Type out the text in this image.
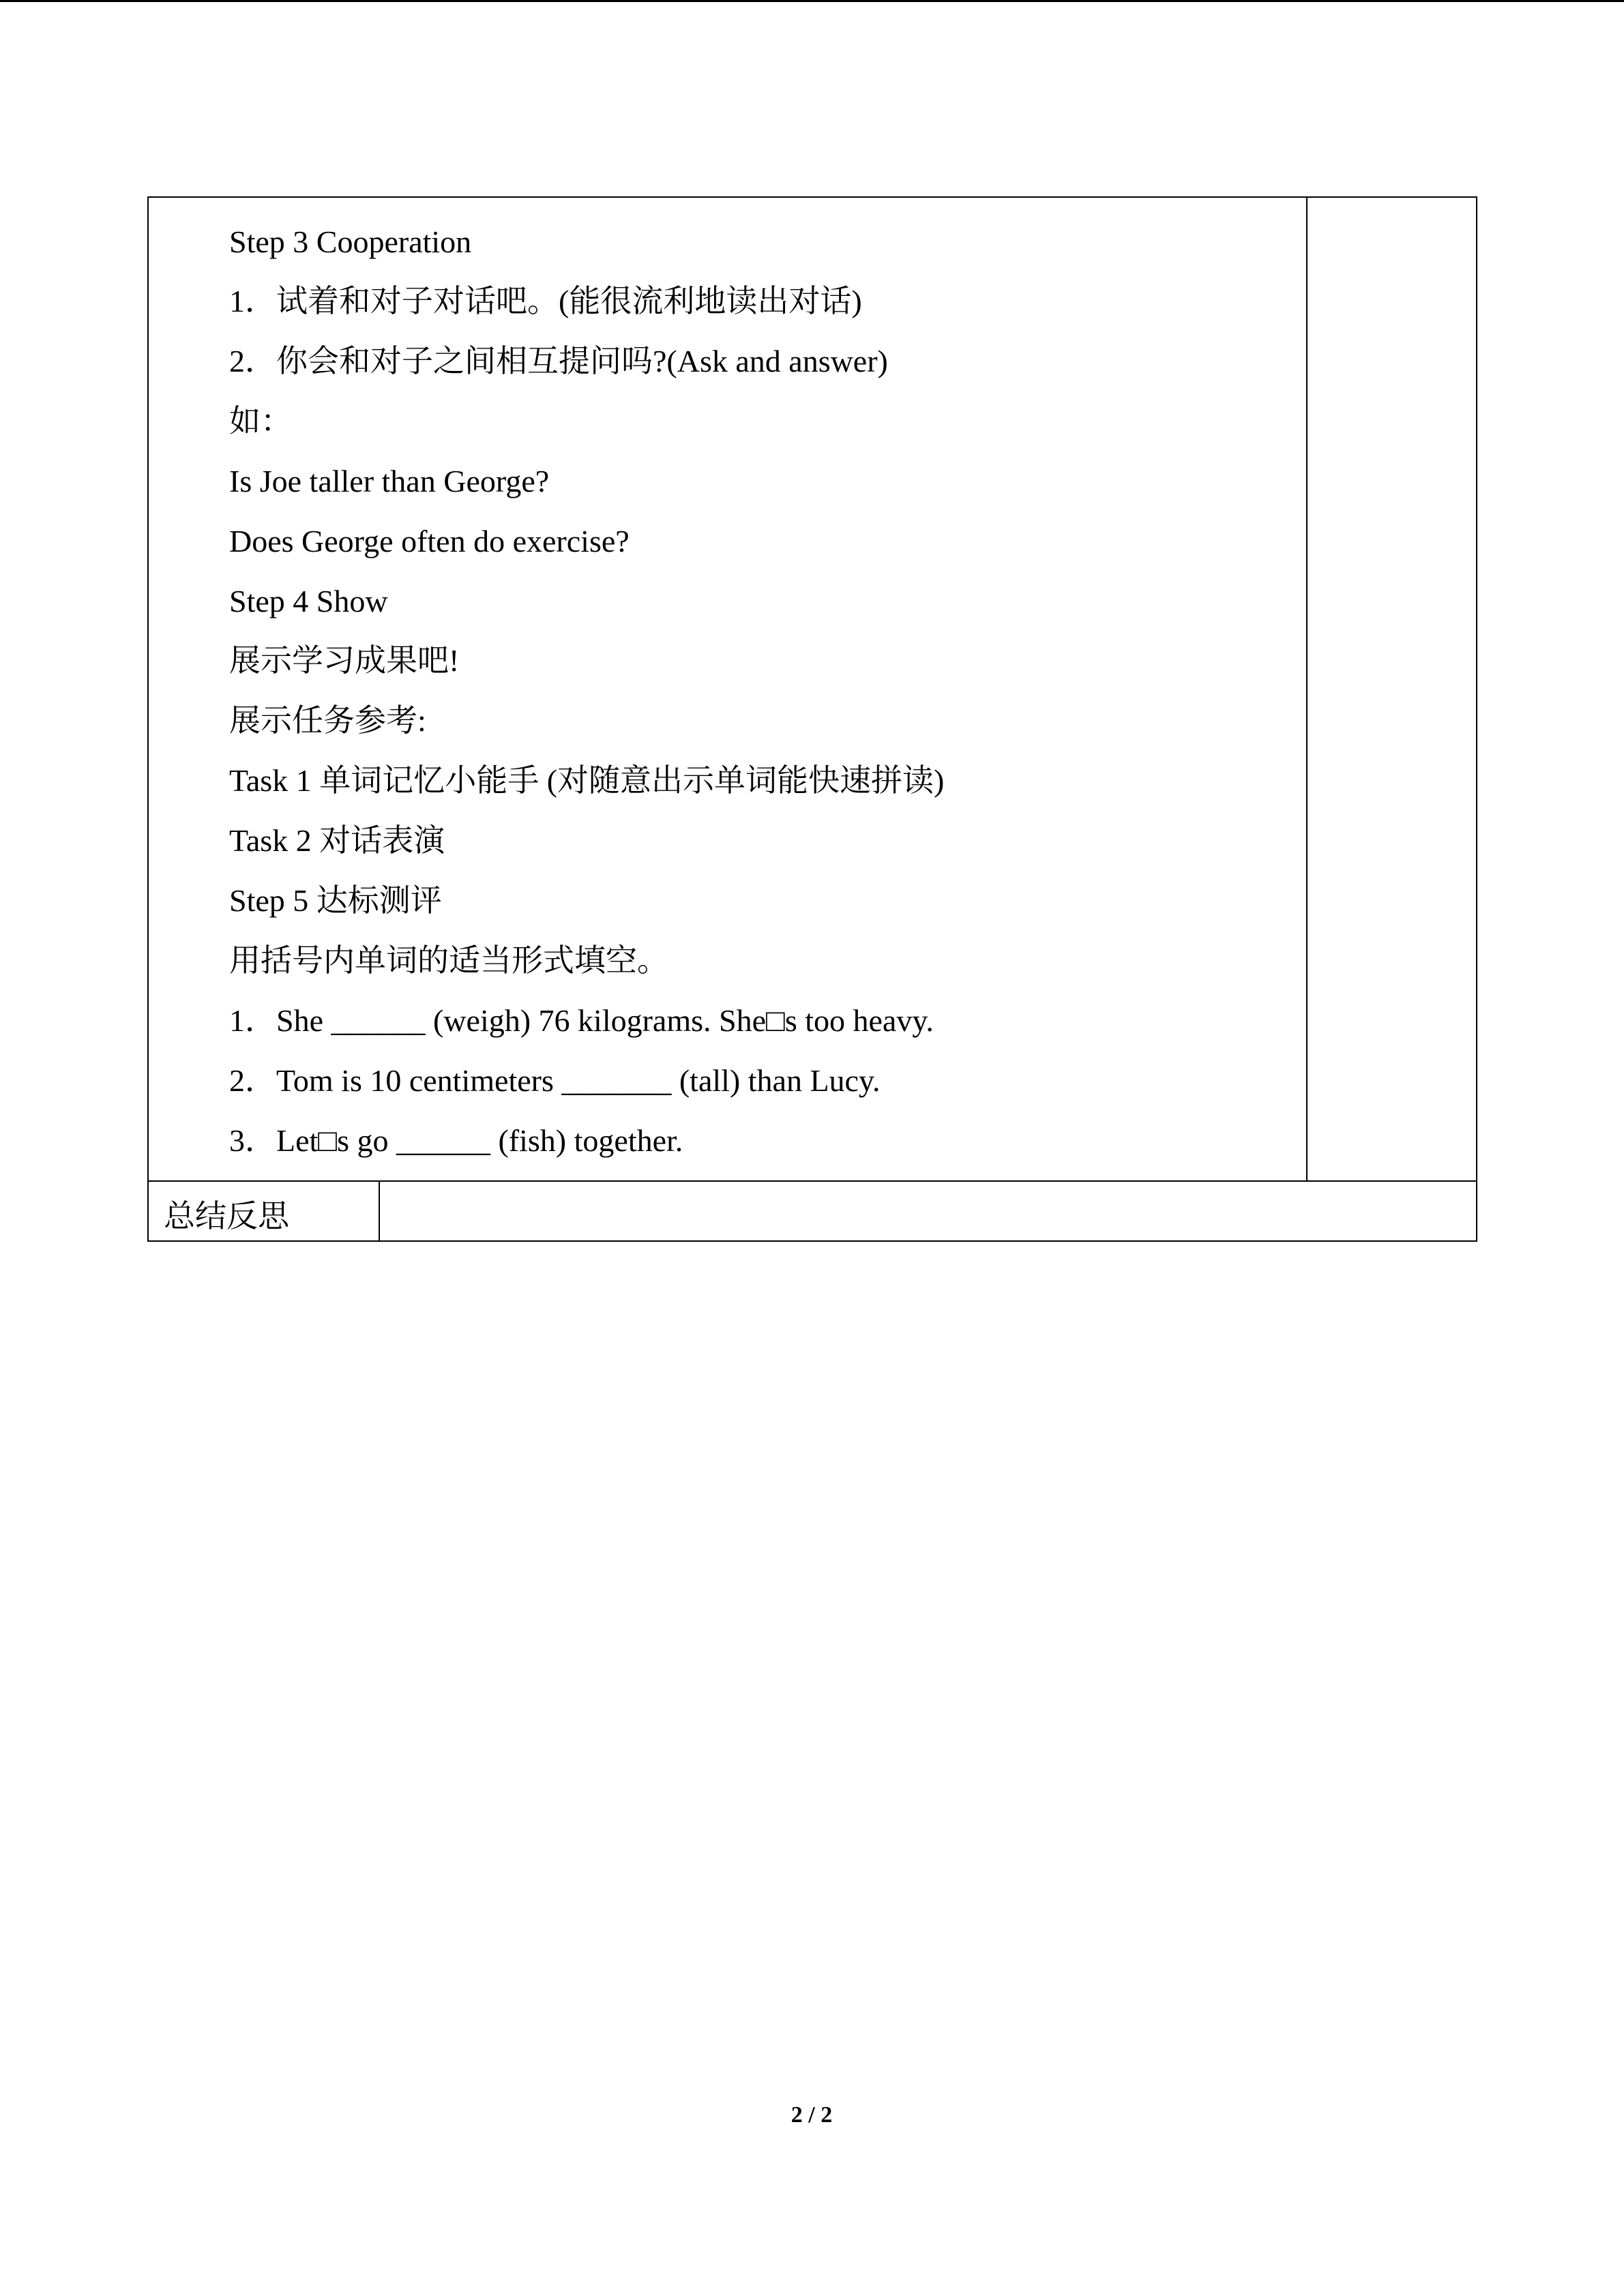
Step 3 Cooperation
1．试着和对子对话吧。(能很流利地读出对话)
2．你会和对子之间相互提问吗?(Ask and answer)
如：
Is Joe taller than George?
Does George often do exercise?
Step 4 Show
展示学习成果吧!
展示任务参考:
Task 1 单词记忆小能手 (对随意出示单词能快速拼读)
Task 2 对话表演
Step 5 达标测评
用括号内单词的适当形式填空。
1．She ______ (weigh) 76 kilograms. She□s too heavy.
2．Tom is 10 centimeters _______ (tall) than Lucy.
3．Let□s go ______ (fish) together.
总结反思
2 / 2
